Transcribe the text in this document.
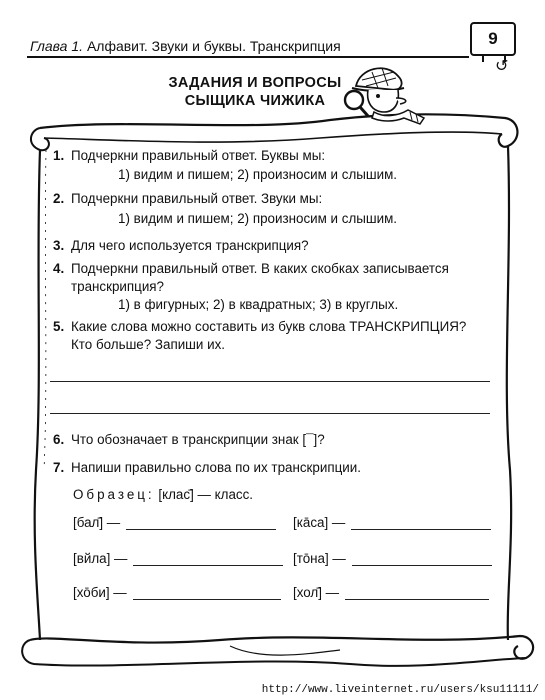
Глава 1. Алфавит. Звуки и буквы. Транскрипция	9
↺
ЗАДАНИЯ И ВОПРОСЫ
СЫЩИКА ЧИЖИКА
1. Подчеркни правильный ответ. Буквы мы:
1) видим и пишем; 2) произносим и слышим.
2. Подчеркни правильный ответ. Звуки мы:
1) видим и пишем; 2) произносим и слышим.
3. Для чего используется транскрипция?
4. Подчеркни правильный ответ. В каких скобках записывается
транскрипция?
1) в фигурных; 2) в квадратных; 3) в круглых.
5. Какие слова можно составить из букв слова ТРАНСКРИПЦИЯ?
Кто больше? Запиши их.
6. Что обозначает в транскрипции знак [¯]?
7. Напиши правильно слова по их транскрипции.
Образец: [клас̄] — класс.
[бал̄] —	[ка̄са] —
[вйла] —	[то̄на] —
[хо̄би] —	[хол̄] —
http://www.liveinternet.ru/users/ksu11111/
